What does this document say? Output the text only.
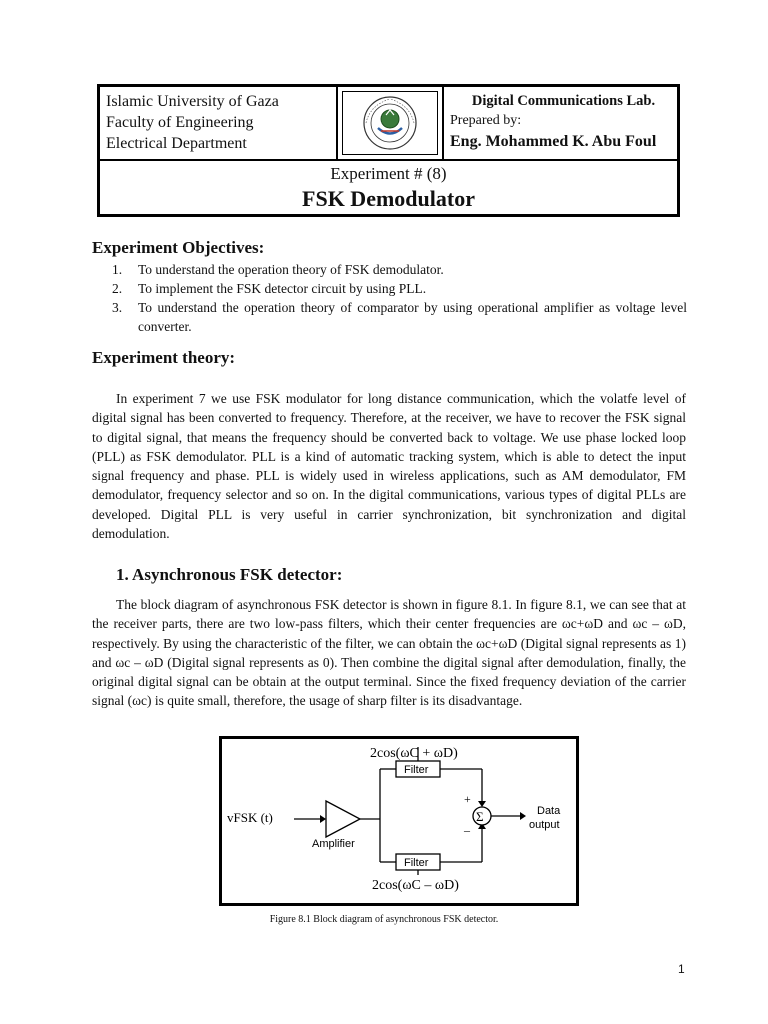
Islamic University of Gaza
Faculty of Engineering
Electrical Department
Digital Communications Lab.
Prepared by:
Eng. Mohammed K. Abu Foul
Experiment # (8)
FSK Demodulator
Experiment Objectives:
1. To understand the operation theory of FSK demodulator.
2. To implement the FSK detector circuit by using PLL.
3. To understand the operation theory of comparator by using operational amplifier as voltage level converter.
Experiment theory:

In experiment 7 we use FSK modulator for long distance communication, which the volatfe level of digital signal has been converted to frequency. Therefore, at the receiver, we have to recover the FSK signal to digital signal, that means the frequency should be converted back to voltage. We use phase locked loop (PLL) as FSK demodulator. PLL is a kind of automatic tracking system, which is able to detect the input signal frequency and phase. PLL is widely used in wireless applications, such as AM demodulator, FM demodulator, frequency selector and so on. In the digital communications, various types of digital PLLs are developed. Digital PLL is very useful in carrier synchronization, bit synchronization and digital demodulation.

1. Asynchronous FSK detector:

The block diagram of asynchronous FSK detector is shown in figure 8.1. In figure 8.1, we can see that at the receiver parts, there are two low-pass filters, which their center frequencies are ωc+ωD and ωc – ωD, respectively. By using the characteristic of the filter, we can obtain the ωc+ωD (Digital signal represents as 1) and ωc – ωD (Digital signal represents as 0). Then combine the digital signal after demodulation, finally, the original digital signal can be obtain at the output terminal. Since the fixed frequency deviation of the carrier signal (ωc) is quite small, therefore, the usage of sharp filter is its disadvantage.

2cos(ωC + ωD)
2cos(ωC – ωD)
vFSK (t)
Amplifier
Data
output
Filter
Filter
Σ
+
–
Figure 8.1 Block diagram of asynchronous FSK detector.
1
